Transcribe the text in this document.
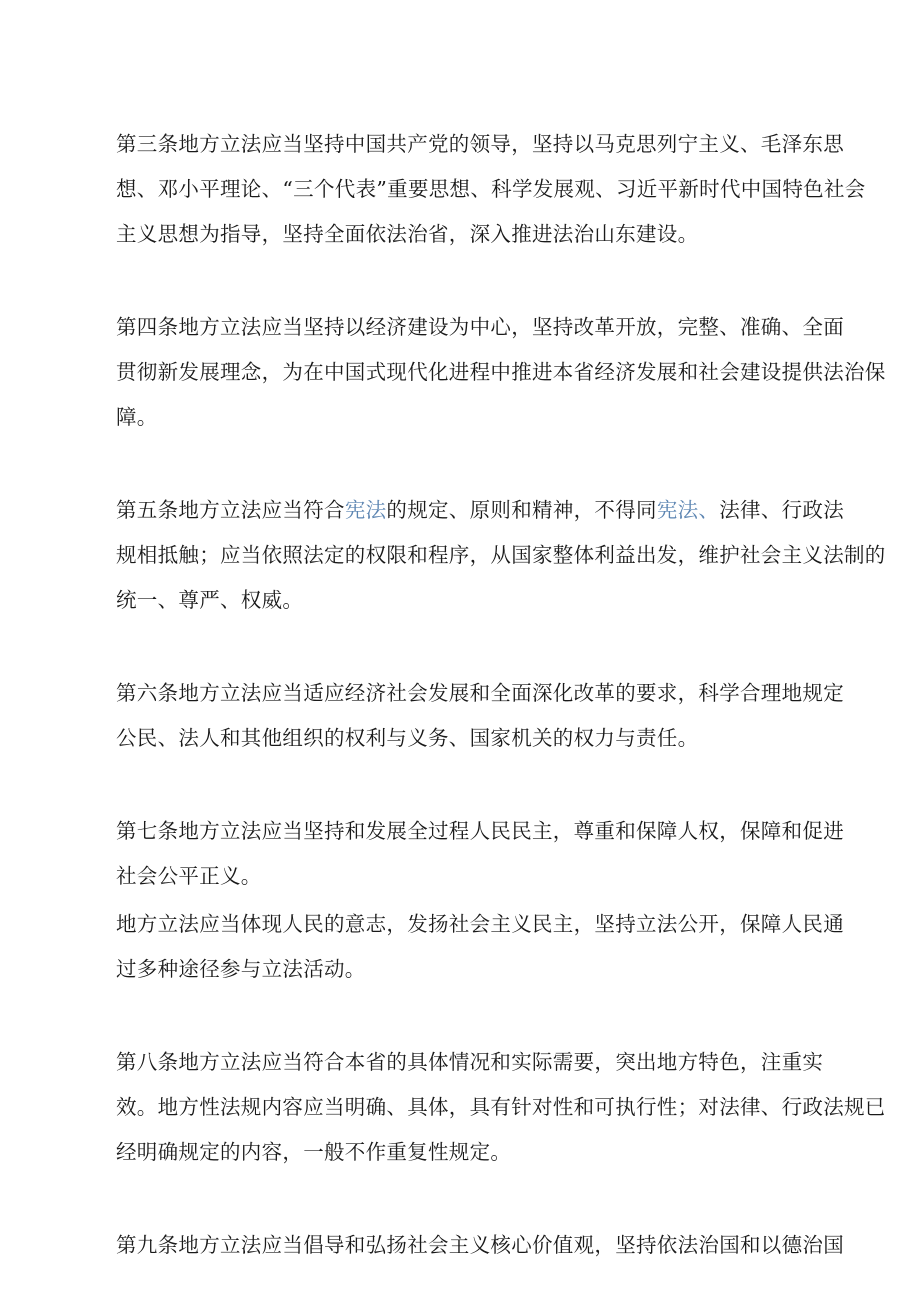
第三条地方立法应当坚持中国共产党的领导，坚持以马克思列宁主义、毛泽东思
想、邓小平理论、“三个代表”重要思想、科学发展观、习近平新时代中国特色社会
主义思想为指导，坚持全面依法治省，深入推进法治山东建设。

第四条地方立法应当坚持以经济建设为中心，坚持改革开放，完整、准确、全面
贯彻新发展理念，为在中国式现代化进程中推进本省经济发展和社会建设提供法治保
障。

第五条地方立法应当符合宪法的规定、原则和精神，不得同宪法、法律、行政法
规相抵触；应当依照法定的权限和程序，从国家整体利益出发，维护社会主义法制的
统一、尊严、权威。

第六条地方立法应当适应经济社会发展和全面深化改革的要求，科学合理地规定
公民、法人和其他组织的权利与义务、国家机关的权力与责任。

第七条地方立法应当坚持和发展全过程人民民主，尊重和保障人权，保障和促进
社会公平正义。

地方立法应当体现人民的意志，发扬社会主义民主，坚持立法公开，保障人民通
过多种途径参与立法活动。

第八条地方立法应当符合本省的具体情况和实际需要，突出地方特色，注重实
效。地方性法规内容应当明确、具体，具有针对性和可执行性；对法律、行政法规已
经明确规定的内容，一般不作重复性规定。

第九条地方立法应当倡导和弘扬社会主义核心价值观，坚持依法治国和以德治国
